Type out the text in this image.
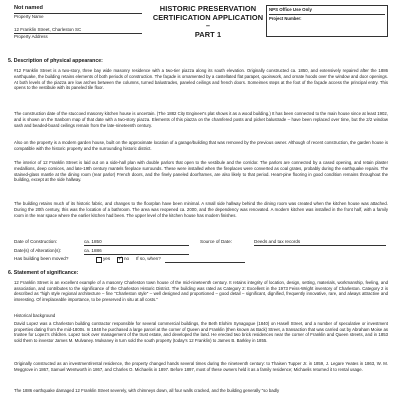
Not named
Property Name
12 Franklin Street, Charleston SC
Property Address
HISTORIC PRESERVATION
CERTIFICATION APPLICATION –
PART 1
NPS Office Use Only
Project Number:
5. Description of physical appearance:

#12 Franklin Street is a two-story, three bay wide masonry residence with a two-tier piazza along its south elevation. Originally constructed ca. 1850, and extensively repaired after the 1886 earthquake, the building retains elements of both periods of construction. The façade is ornamented by a castellated flat parapet, quoinwork, and ornate hoods over the window and door openings. At both levels of the piazza are low arches between the columns, turned balustrades, paneled ceilings and french doors. Someimes steps at the foot of the façade access the principal entry. This opens to the vestibule with its paneled tile floor.

The construction date of the stuccoed masonry kitchen house is uncertain. (The 1882 City Engineer's plat shows it as a wood building.) It has been connected to the main house since at least 1902, and is shown on the Sanborn map of that date with a two-story piazza. Elements of this piazza on the chamfered posts and picket balustrade – have been replaced over time, but the 2/2 window sash and beaded-board ceilings remain from the late-nineteenth century.

Also on the property is a modern garden house, built on the approximate location of a garage/building that was removed by the previous owner. Although of recent construction, the garden house is compatible with the historic property and the surrounding historic district.

The interior of 12 Franklin Street is laid out on a side-hall plan with double parlors that open to the vestibule and the corridor. The parlors are connected by a cased opening, and retain plaster medallions, deep cornices, and late-19th century mantels fireplace surrounds. These were installed when the fireplaces were converted as coal grates, probably during the earthquake repairs. The stained-glass mantle at the dining room (rear parlor) French doors, and the finely paneled doorframes, are also likely to that period. Heart-pine flooring in good condition remains throughout the building, except at the side hallway.

The building retains much of its historic fabric, and changes to the floorplan have been minimal. A small side hallway behind the dining room was created when the kitchen house was attached. During the 20th century, this was the location of a bathroom. The area was reopened ca. 2000, and the dependency was renovated. A modern kitchen was installed in the front half, with a family room in the rear space where the earlier kitchen had been. The upper level of the kitchen house has modern finishes.

Date of Construction:	ca. 1850	Source of Date:	Deeds and tax records
Date(s) of Alteration(s):	ca. 1886
Has building been moved?	yes
✓	no If so, when?
6. Statement of significance:

12 Franklin Street is an excellent example of a masonry Charleston town house of the mid-nineteenth century. It retains integrity of location, design, setting, materials, workmanship, feeling, and association, and contributes to the significance of the Charleston Historic District. The building was rated as Category 2: Excellent in the 1973 Feiss-Wright inventory of Charleston. Category 2 is described as "high style regional architecture – fine "Charleston style" – well designed and proportioned – good detail – significant, dignified, frequently innovative, rare, and always attractive and interesting. Of irreplaceable importance, to be preserved in situ at all costs."

Historical background

David Lopez was a Charleston building contractor responsible for several commercial buildings, the Beth Elohim Synagogue (1840) on Hasell Street, and a number of speculative or investment properties dating from the mid-1800s. In 1848 he purchased a large parcel at the corner of Queen and Franklin (then known as Back) Street, a transaction that was carried out by Abraham Moise as trustee for Lopez's children. Lopez took over management of the trust estate, and developed the land. He erected two brick residences near the corner of Franklin and Queen streets, and in 1853 sold them to investor James M. Mulvaney. Mulvaney in turn sold the south property (today's 12 Franklin) to James B. Barkley in 1855.

Originally constructed as an investment/rental residence, the property changed hands several times during the nineteenth century: to Thaisen Tupper Jr. in 1859, J. Legare Yeates in 1863, W. M. Meggrove in 1867, Samuel Wentworth in 1867, and Charles O. Michaelis in 1897. Before 1897, most of these owners held it as a family residence; Michaelis returned it to rental usage.

The 1886 earthquake damaged 12 Franklin Street severely, with chimneys down, all four walls cracked, and the building generally "so badly
